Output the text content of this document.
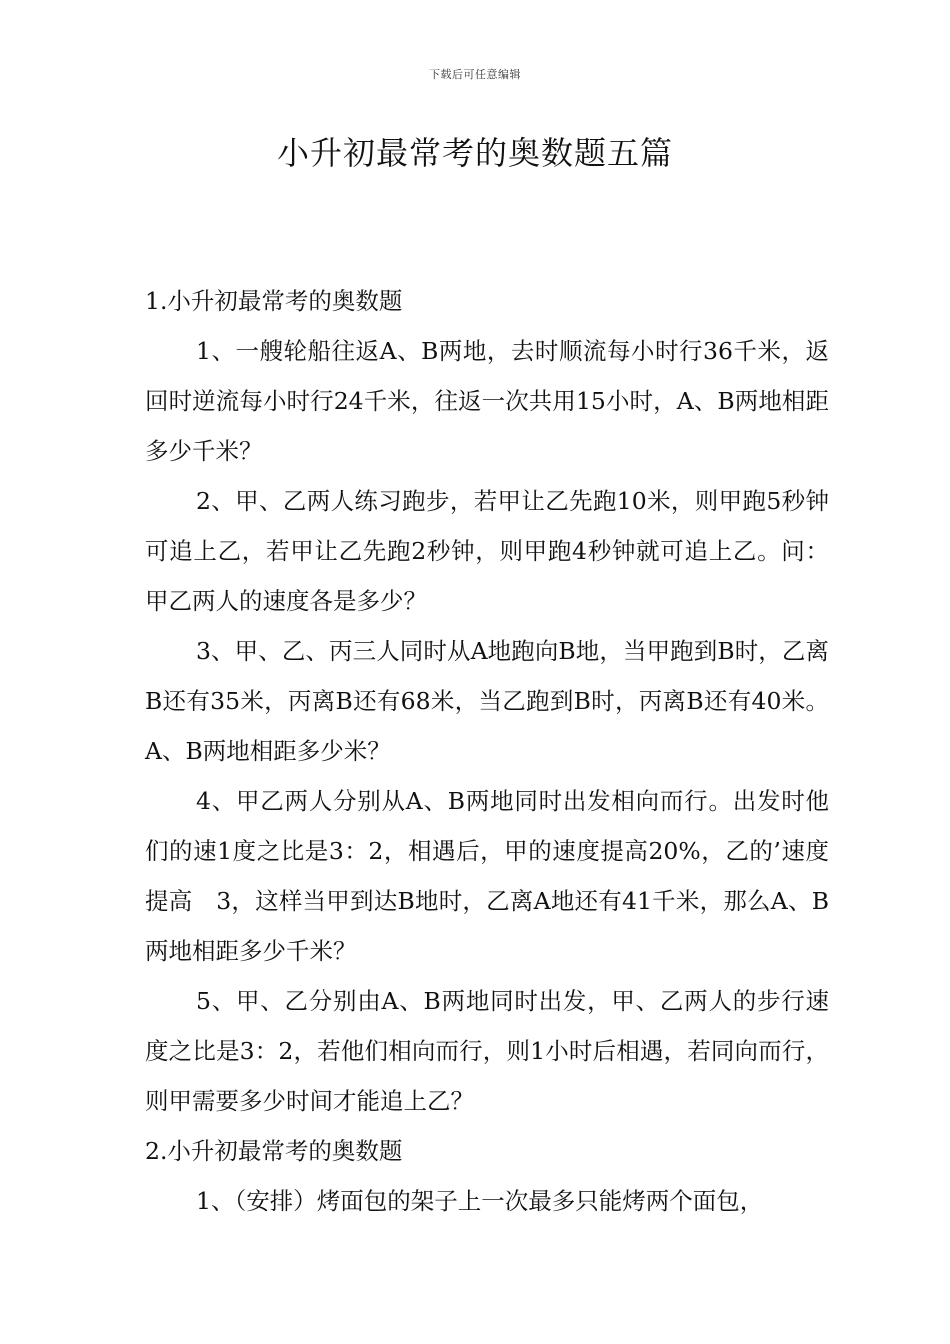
下载后可任意编辑
小升初最常考的奥数题五篇
1.小升初最常考的奥数题

1、一艘轮船往返A、B两地，去时顺流每小时行36千米，返回时逆流每小时行24千米，往返一次共用15小时，A、B两地相距多少千米？

2、甲、乙两人练习跑步，若甲让乙先跑10米，则甲跑5秒钟可追上乙，若甲让乙先跑2秒钟，则甲跑4秒钟就可追上乙。问：甲乙两人的速度各是多少？

3、甲、乙、丙三人同时从A地跑向B地，当甲跑到B时，乙离B还有35米，丙离B还有68米，当乙跑到B时，丙离B还有40米。A、B两地相距多少米？

4、甲乙两人分别从A、B两地同时出发相向而行。出发时他们的速1度之比是3：2，相遇后，甲的速度提高20%，乙的’速度提高　3，这样当甲到达B地时，乙离A地还有41千米，那么A、B两地相距多少千米？

5、甲、乙分别由A、B两地同时出发，甲、乙两人的步行速度之比是3：2，若他们相向而行，则1小时后相遇，若同向而行，则甲需要多少时间才能追上乙？

2.小升初最常考的奥数题

1、（安排）烤面包的架子上一次最多只能烤两个面包，
